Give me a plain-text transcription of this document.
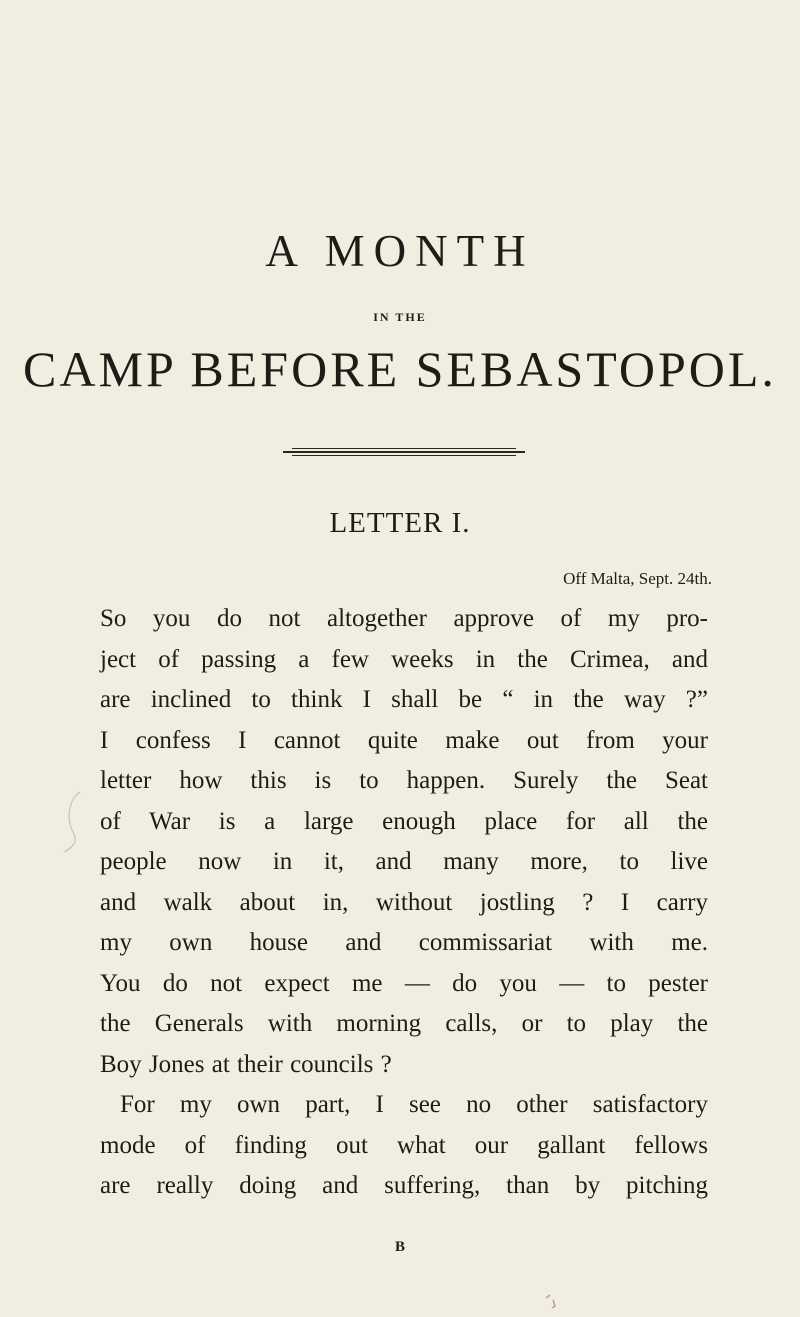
A MONTH
IN THE
CAMP BEFORE SEBASTOPOL.
LETTER I.
Off Malta, Sept. 24th.
So you do not altogether approve of my pro-
ject of passing a few weeks in the Crimea, and
are inclined to think I shall be “ in the way ?”
I confess I cannot quite make out from your
letter how this is to happen. Surely the Seat
of War is a large enough place for all the
people now in it, and many more, to live
and walk about in, without jostling ? I carry
my own house and commissariat with me.
You do not expect me — do you — to pester
the Generals with morning calls, or to play the
Boy Jones at their councils ?
For my own part, I see no other satisfactory
mode of finding out what our gallant fellows
are really doing and suffering, than by pitching
B
